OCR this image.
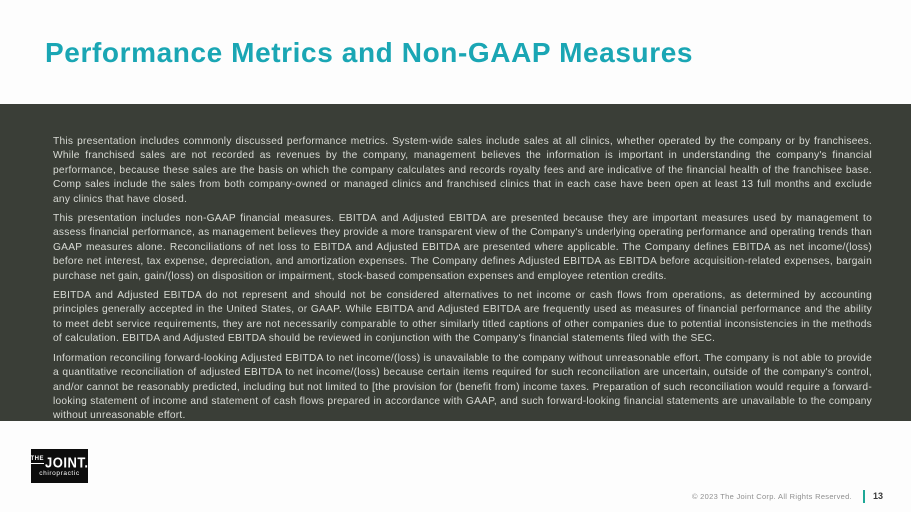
Performance Metrics and Non-GAAP Measures

This presentation includes commonly discussed performance metrics. System-wide sales include sales at all clinics, whether operated by the company or by franchisees. While franchised sales are not recorded as revenues by the company, management believes the information is important in understanding the company's financial performance, because these sales are the basis on which the company calculates and records royalty fees and are indicative of the financial health of the franchisee base. Comp sales include the sales from both company-owned or managed clinics and franchised clinics that in each case have been open at least 13 full months and exclude any clinics that have closed.

This presentation includes non-GAAP financial measures. EBITDA and Adjusted EBITDA are presented because they are important measures used by management to assess financial performance, as management believes they provide a more transparent view of the Company's underlying operating performance and operating trends than GAAP measures alone. Reconciliations of net loss to EBITDA and Adjusted EBITDA are presented where applicable. The Company defines EBITDA as net income/(loss) before net interest, tax expense, depreciation, and amortization expenses. The Company defines Adjusted EBITDA as EBITDA before acquisition-related expenses, bargain purchase net gain, gain/(loss) on disposition or impairment, stock-based compensation expenses and employee retention credits.

EBITDA and Adjusted EBITDA do not represent and should not be considered alternatives to net income or cash flows from operations, as determined by accounting principles generally accepted in the United States, or GAAP. While EBITDA and Adjusted EBITDA are frequently used as measures of financial performance and the ability to meet debt service requirements, they are not necessarily comparable to other similarly titled captions of other companies due to potential inconsistencies in the methods of calculation. EBITDA and Adjusted EBITDA should be reviewed in conjunction with the Company's financial statements filed with the SEC.

Information reconciling forward-looking Adjusted EBITDA to net income/(loss) is unavailable to the company without unreasonable effort. The company is not able to provide a quantitative reconciliation of adjusted EBITDA to net income/(loss) because certain items required for such reconciliation are uncertain, outside of the company's control, and/or cannot be reasonably predicted, including but not limited to [the provision for (benefit from) income taxes. Preparation of such reconciliation would require a forward-looking statement of income and statement of cash flows prepared in accordance with GAAP, and such forward-looking financial statements are unavailable to the company without unreasonable effort.

THE JOINT.
chiropractic
© 2023 The Joint Corp. All Rights Reserved. 13
